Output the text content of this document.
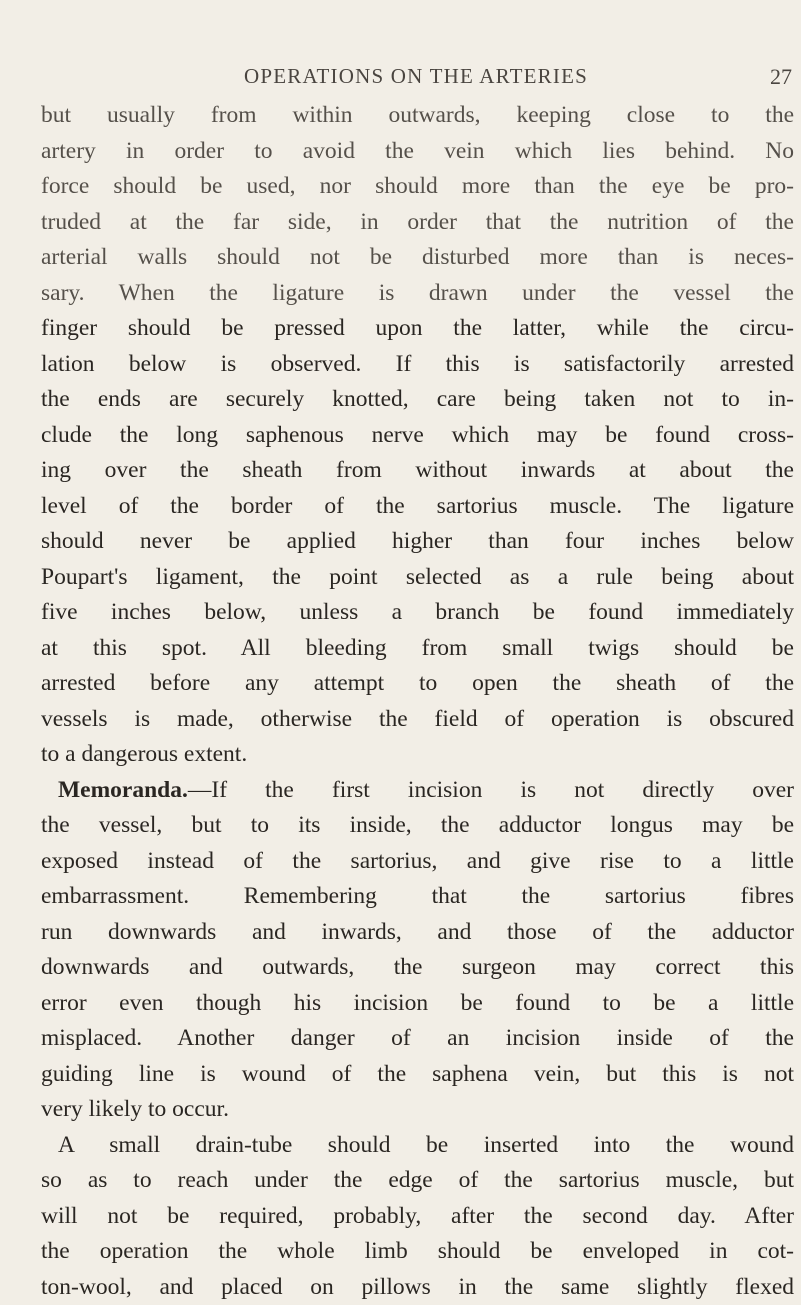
OPERATIONS ON THE ARTERIES	27
but usually from within outwards, keeping close to the
artery in order to avoid the vein which lies behind. No
force should be used, nor should more than the eye be pro-
truded at the far side, in order that the nutrition of the
arterial walls should not be disturbed more than is neces-
sary. When the ligature is drawn under the vessel the
finger should be pressed upon the latter, while the circu-
lation below is observed. If this is satisfactorily arrested
the ends are securely knotted, care being taken not to in-
clude the long saphenous nerve which may be found cross-
ing over the sheath from without inwards at about the
level of the border of the sartorius muscle. The ligature
should never be applied higher than four inches below
Poupart's ligament, the point selected as a rule being about
five inches below, unless a branch be found immediately
at this spot. All bleeding from small twigs should be
arrested before any attempt to open the sheath of the
vessels is made, otherwise the field of operation is obscured
to a dangerous extent.
Memoranda.—If the first incision is not directly over
the vessel, but to its inside, the adductor longus may be
exposed instead of the sartorius, and give rise to a little
embarrassment. Remembering that the sartorius fibres
run downwards and inwards, and those of the adductor
downwards and outwards, the surgeon may correct this
error even though his incision be found to be a little
misplaced. Another danger of an incision inside of the
guiding line is wound of the saphena vein, but this is not
very likely to occur.
A small drain-tube should be inserted into the wound
so as to reach under the edge of the sartorius muscle, but
will not be required, probably, after the second day. After
the operation the whole limb should be enveloped in cot-
ton-wool, and placed on pillows in the same slightly flexed
